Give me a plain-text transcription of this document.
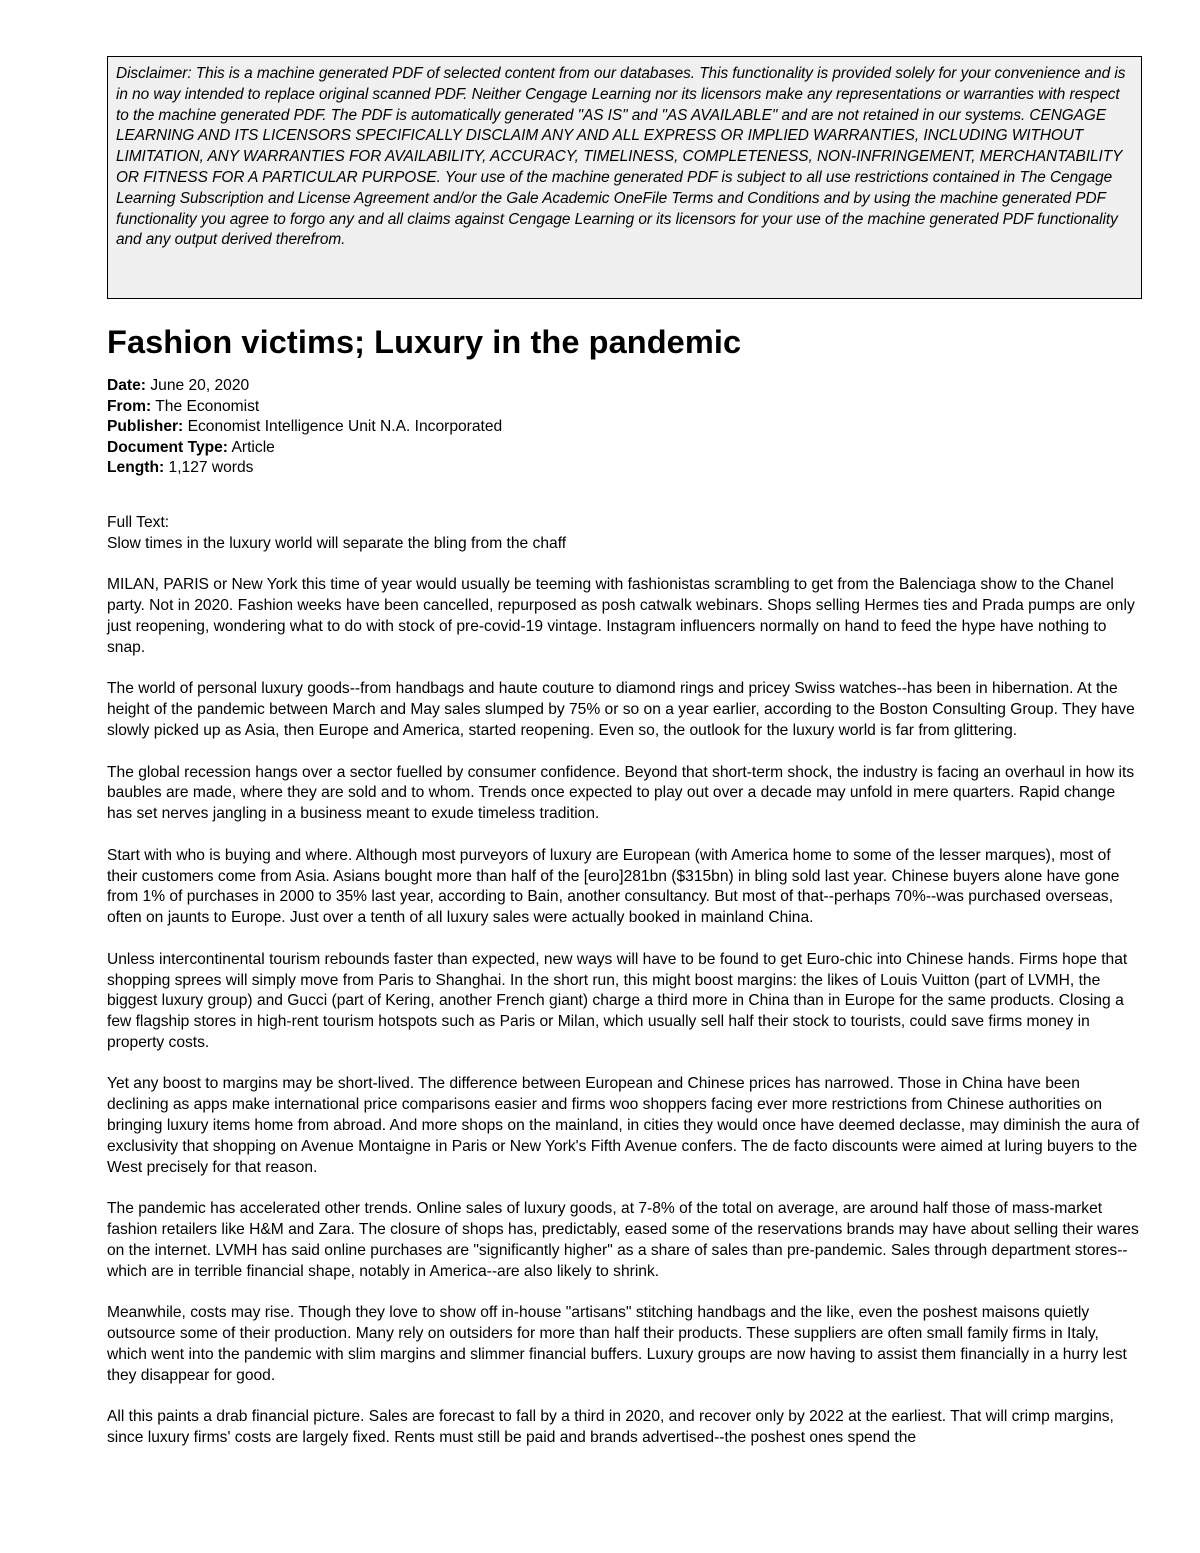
Disclaimer: This is a machine generated PDF of selected content from our databases. This functionality is provided solely for your convenience and is in no way intended to replace original scanned PDF. Neither Cengage Learning nor its licensors make any representations or warranties with respect to the machine generated PDF. The PDF is automatically generated "AS IS" and "AS AVAILABLE" and are not retained in our systems. CENGAGE LEARNING AND ITS LICENSORS SPECIFICALLY DISCLAIM ANY AND ALL EXPRESS OR IMPLIED WARRANTIES, INCLUDING WITHOUT LIMITATION, ANY WARRANTIES FOR AVAILABILITY, ACCURACY, TIMELINESS, COMPLETENESS, NON-INFRINGEMENT, MERCHANTABILITY OR FITNESS FOR A PARTICULAR PURPOSE. Your use of the machine generated PDF is subject to all use restrictions contained in The Cengage Learning Subscription and License Agreement and/or the Gale Academic OneFile Terms and Conditions and by using the machine generated PDF functionality you agree to forgo any and all claims against Cengage Learning or its licensors for your use of the machine generated PDF functionality and any output derived therefrom.
Fashion victims; Luxury in the pandemic
Date: June 20, 2020
From: The Economist
Publisher: Economist Intelligence Unit N.A. Incorporated
Document Type: Article
Length: 1,127 words
Full Text:
Slow times in the luxury world will separate the bling from the chaff

MILAN, PARIS or New York this time of year would usually be teeming with fashionistas scrambling to get from the Balenciaga show to the Chanel party. Not in 2020. Fashion weeks have been cancelled, repurposed as posh catwalk webinars. Shops selling Hermes ties and Prada pumps are only just reopening, wondering what to do with stock of pre-covid-19 vintage. Instagram influencers normally on hand to feed the hype have nothing to snap.

The world of personal luxury goods--from handbags and haute couture to diamond rings and pricey Swiss watches--has been in hibernation. At the height of the pandemic between March and May sales slumped by 75% or so on a year earlier, according to the Boston Consulting Group. They have slowly picked up as Asia, then Europe and America, started reopening. Even so, the outlook for the luxury world is far from glittering.

The global recession hangs over a sector fuelled by consumer confidence. Beyond that short-term shock, the industry is facing an overhaul in how its baubles are made, where they are sold and to whom. Trends once expected to play out over a decade may unfold in mere quarters. Rapid change has set nerves jangling in a business meant to exude timeless tradition.

Start with who is buying and where. Although most purveyors of luxury are European (with America home to some of the lesser marques), most of their customers come from Asia. Asians bought more than half of the [euro]281bn ($315bn) in bling sold last year. Chinese buyers alone have gone from 1% of purchases in 2000 to 35% last year, according to Bain, another consultancy. But most of that--perhaps 70%--was purchased overseas, often on jaunts to Europe. Just over a tenth of all luxury sales were actually booked in mainland China.

Unless intercontinental tourism rebounds faster than expected, new ways will have to be found to get Euro-chic into Chinese hands. Firms hope that shopping sprees will simply move from Paris to Shanghai. In the short run, this might boost margins: the likes of Louis Vuitton (part of LVMH, the biggest luxury group) and Gucci (part of Kering, another French giant) charge a third more in China than in Europe for the same products. Closing a few flagship stores in high-rent tourism hotspots such as Paris or Milan, which usually sell half their stock to tourists, could save firms money in property costs.

Yet any boost to margins may be short-lived. The difference between European and Chinese prices has narrowed. Those in China have been declining as apps make international price comparisons easier and firms woo shoppers facing ever more restrictions from Chinese authorities on bringing luxury items home from abroad. And more shops on the mainland, in cities they would once have deemed declasse, may diminish the aura of exclusivity that shopping on Avenue Montaigne in Paris or New York's Fifth Avenue confers. The de facto discounts were aimed at luring buyers to the West precisely for that reason.

The pandemic has accelerated other trends. Online sales of luxury goods, at 7-8% of the total on average, are around half those of mass-market fashion retailers like H&M and Zara. The closure of shops has, predictably, eased some of the reservations brands may have about selling their wares on the internet. LVMH has said online purchases are "significantly higher" as a share of sales than pre-pandemic. Sales through department stores--which are in terrible financial shape, notably in America--are also likely to shrink.

Meanwhile, costs may rise. Though they love to show off in-house "artisans" stitching handbags and the like, even the poshest maisons quietly outsource some of their production. Many rely on outsiders for more than half their products. These suppliers are often small family firms in Italy, which went into the pandemic with slim margins and slimmer financial buffers. Luxury groups are now having to assist them financially in a hurry lest they disappear for good.

All this paints a drab financial picture. Sales are forecast to fall by a third in 2020, and recover only by 2022 at the earliest. That will crimp margins, since luxury firms' costs are largely fixed. Rents must still be paid and brands advertised--the poshest ones spend the
